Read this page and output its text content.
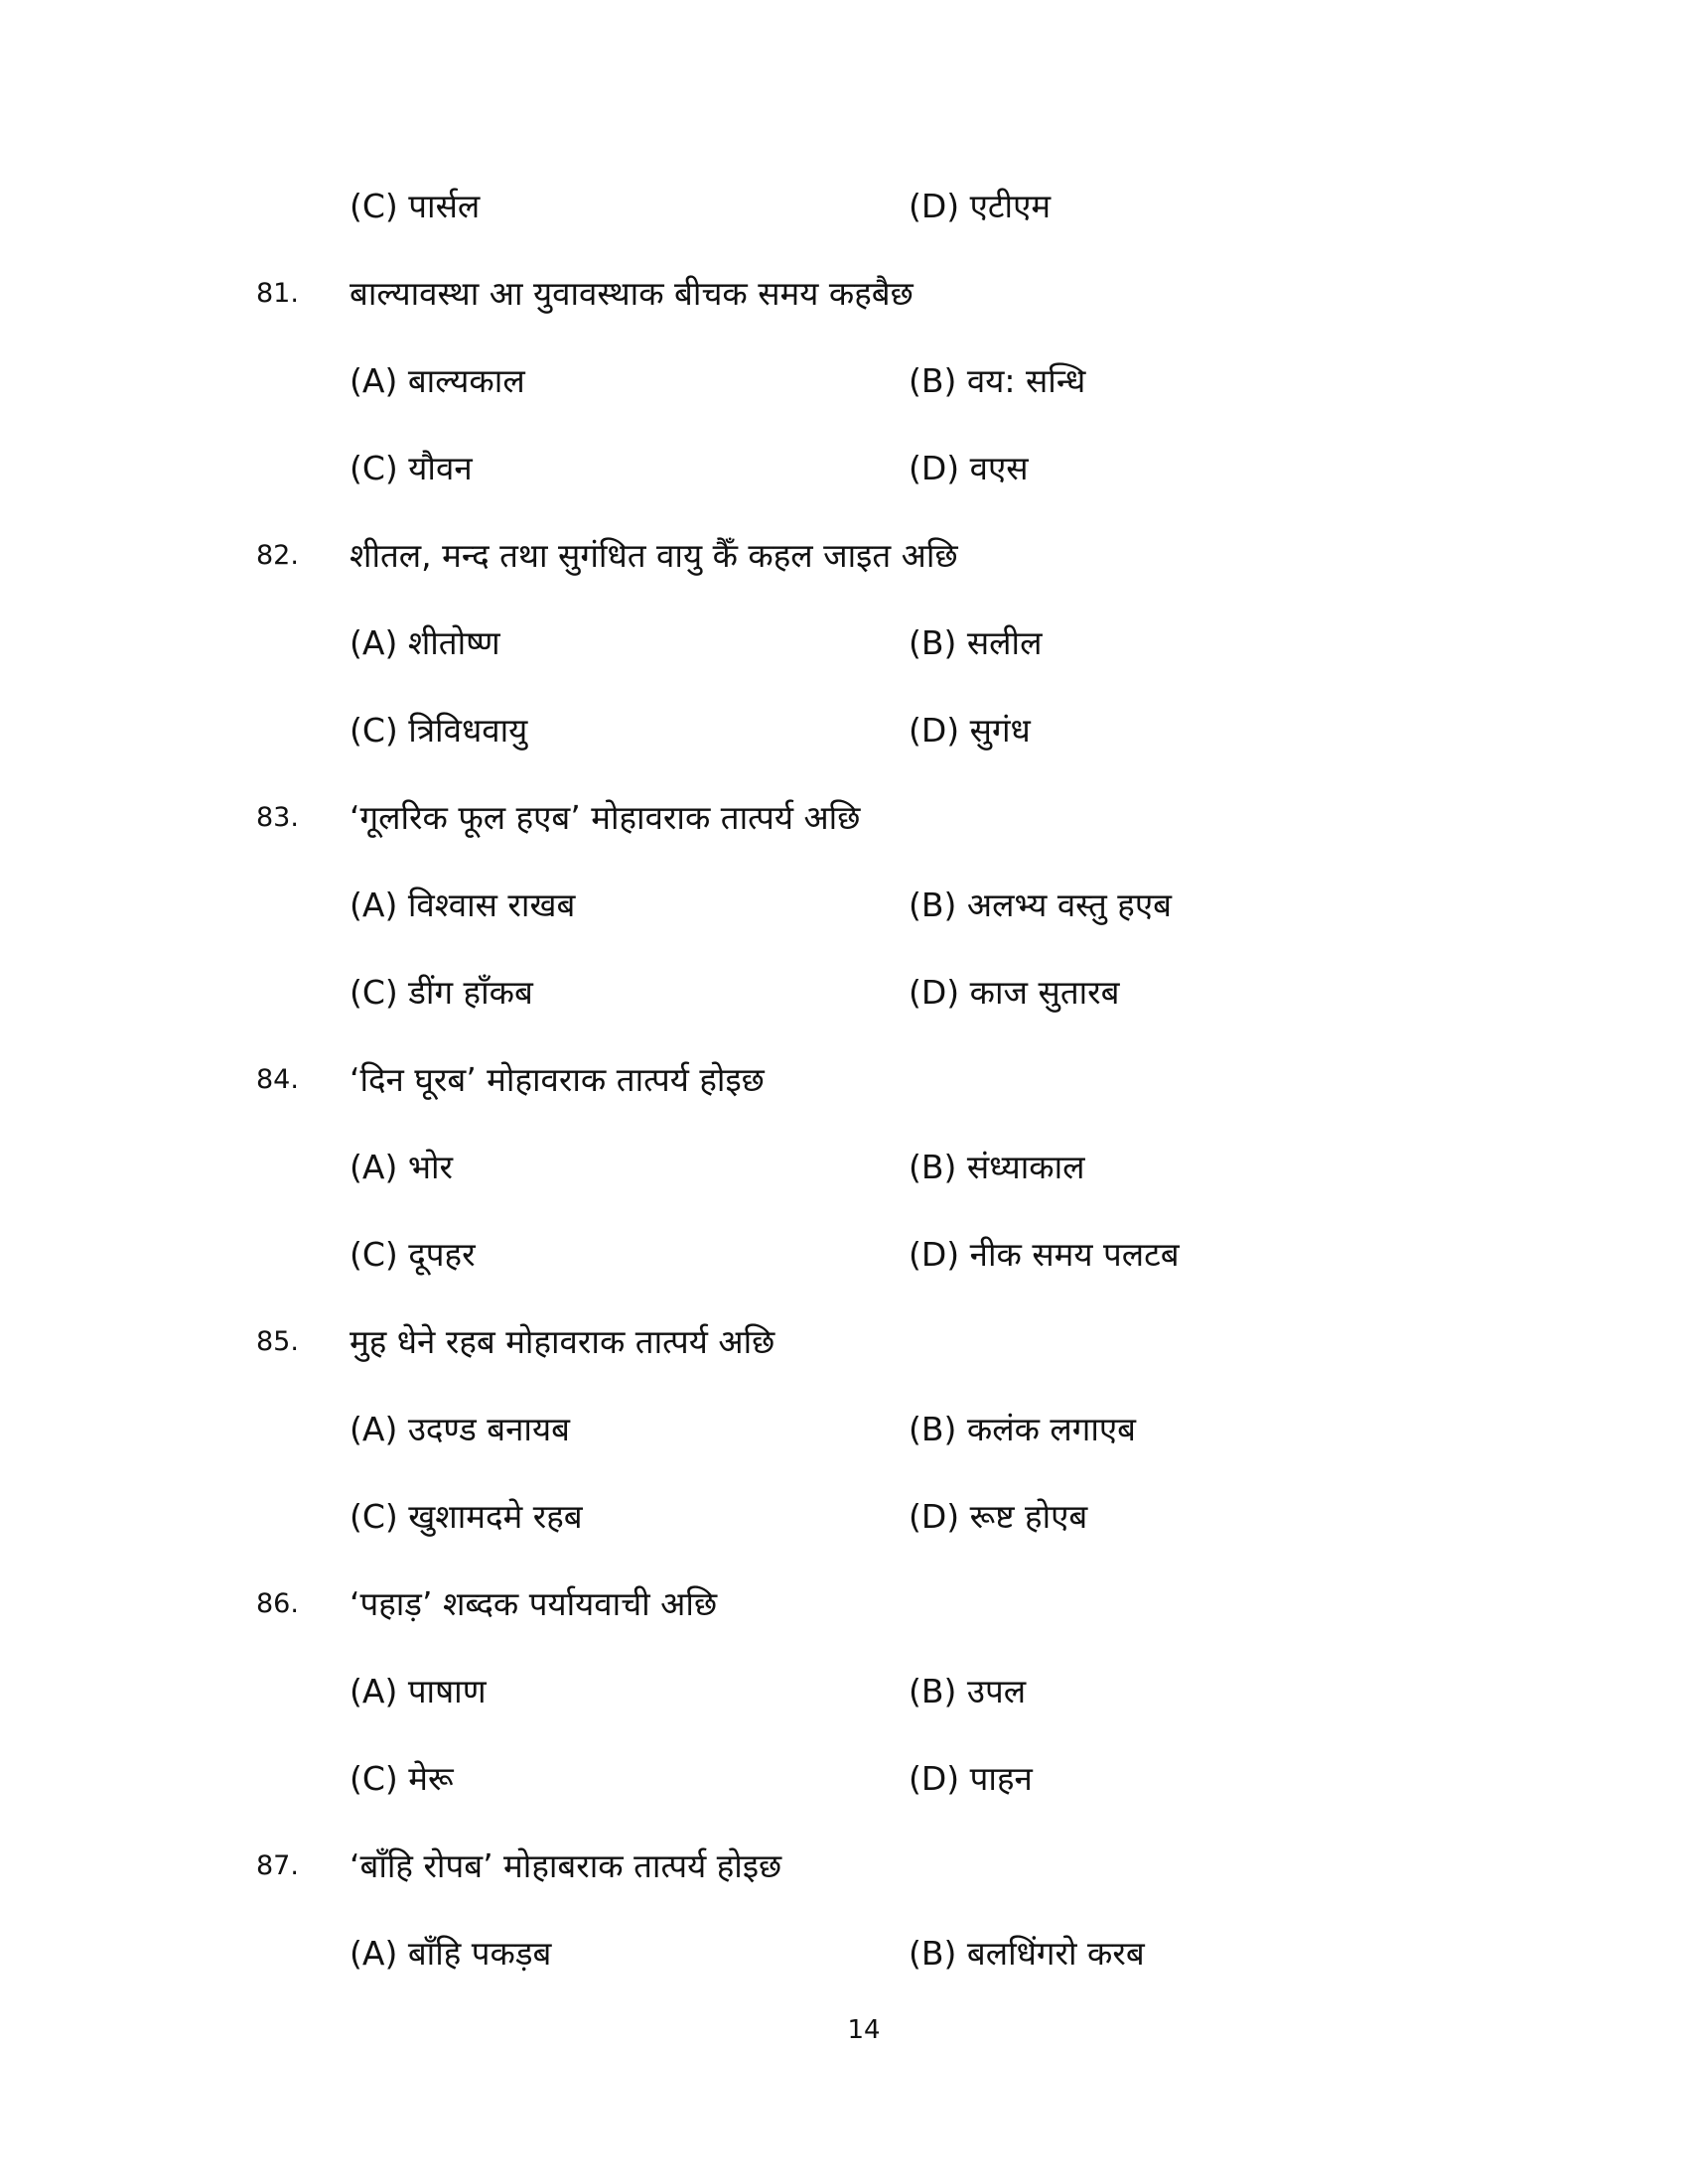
(C) पार्सल	(D) एटीएम
81. बाल्यावस्था आ युवावस्थाक बीचक समय कहबैछ
(A) बाल्यकाल	(B) वय: सन्धि
(C) यौवन	(D) वएस
82. शीतल, मन्द तथा सुगंधित वायु कैँ कहल जाइत अछि
(A) शीतोष्ण	(B) सलील
(C) त्रिविधवायु	(D) सुगंध
83. ‘गूलरिक फूल हएब’ मोहावराक तात्पर्य अछि
(A) विश्वास राखब	(B) अलभ्य वस्तु हएब
(C) डींग हाँकब	(D) काज सुतारब
84. ‘दिन घूरब’ मोहावराक तात्पर्य होइछ
(A) भोर	(B) संध्याकाल
(C) दूपहर	(D) नीक समय पलटब
85. मुह धेने रहब मोहावराक तात्पर्य अछि
(A) उदण्ड बनायब	(B) कलंक लगाएब
(C) खुशामदमे रहब	(D) रूष्ट होएब
86. ‘पहाड़’ शब्दक पर्यायवाची अछि
(A) पाषाण	(B) उपल
(C) मेरू	(D) पाहन
87. ‘बाँहि रोपब’ मोहाबराक तात्पर्य होइछ
(A) बाँहि पकड़ब	(B) बलधिंगरो करब
14
